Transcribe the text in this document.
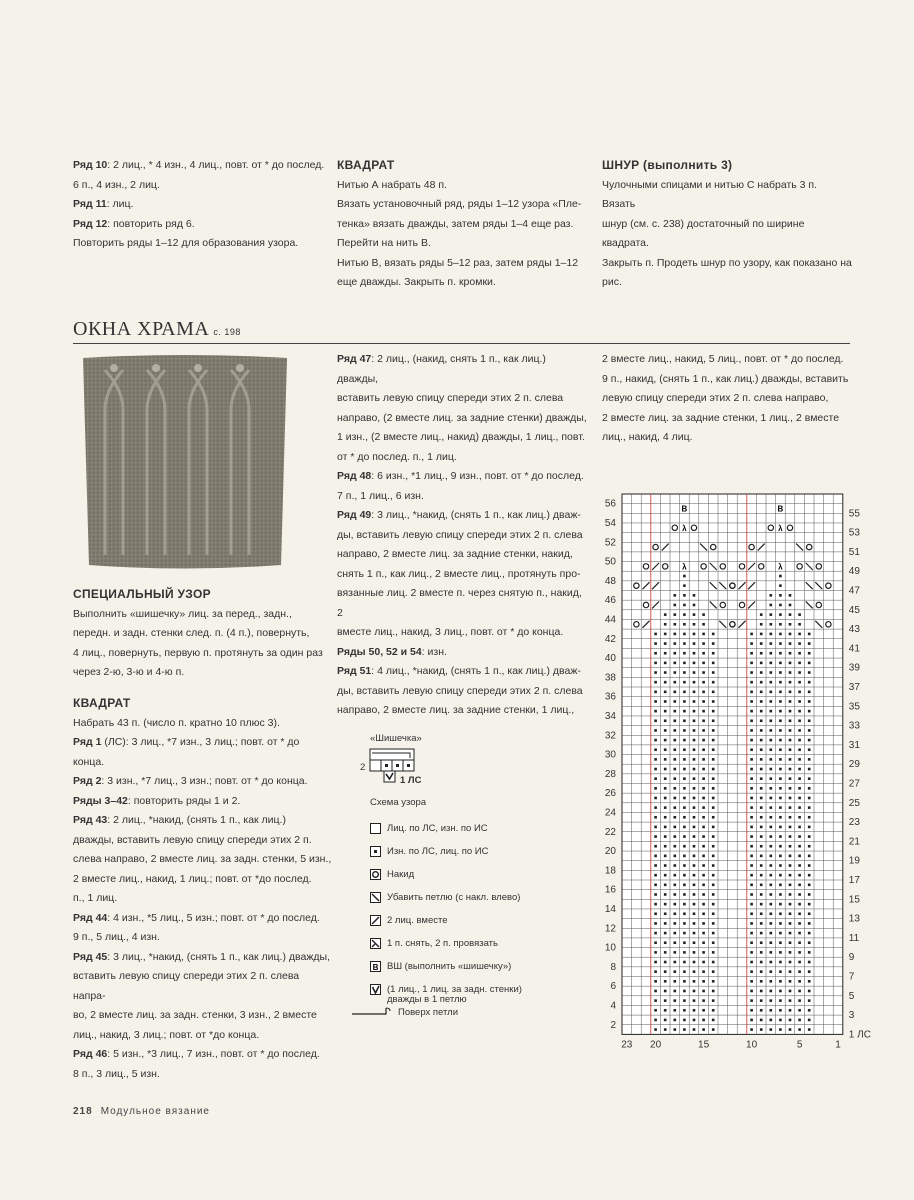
Ряд 10: 2 лиц., * 4 изн., 4 лиц., повт. от * до послед.

6 п., 4 изн., 2 лиц.

Ряд 11: лиц.

Ряд 12: повторить ряд 6.

Повторить ряды 1–12 для образования узора.

КВАДРАТ

Нитью А набрать 48 п.

Вязать установочный ряд, ряды 1–12 узора «Пле-

тенка» вязать дважды, затем ряды 1–4 еще раз.

Перейти на нить В.

Нитью В, вязать ряды 5–12 раз, затем ряды 1–12

еще дважды. Закрыть п. кромки.

ШНУР (выполнить 3)

Чулочными спицами и нитью С набрать 3 п. Вязать

шнур (см. с. 238) достаточный по ширине квадрата.

Закрыть п. Продеть шнур по узору, как показано на

рис.

ОКНА ХРАМА с. 198

СПЕЦИАЛЬНЫЙ УЗОР

Выполнить «шишечку» лиц. за перед., задн.,

передн. и задн. стенки след. п. (4 п.), повернуть,

4 лиц., повернуть, первую п. протянуть за один раз

через 2-ю, 3-ю и 4-ю п.

КВАДРАТ

Набрать 43 п. (число п. кратно 10 плюс 3).

Ряд 1 (ЛС): 3 лиц., *7 изн., 3 лиц.; повт. от * до конца.

Ряд 2: 3 изн., *7 лиц., 3 изн.; повт. от * до конца.

Ряды 3–42: повторить ряды 1 и 2.

Ряд 43: 2 лиц., *накид, (снять 1 п., как лиц.)

дважды, вставить левую спицу спереди этих 2 п.

слева направо, 2 вместе лиц. за задн. стенки, 5 изн.,

2 вместе лиц., накид, 1 лиц.; повт. от *до послед.

п., 1 лиц.

Ряд 44: 4 изн., *5 лиц., 5 изн.; повт. от * до послед.

9 п., 5 лиц., 4 изн.

Ряд 45: 3 лиц., *накид, (снять 1 п., как лиц.) дважды,

вставить левую спицу спереди этих 2 п. слева напра-

во, 2 вместе лиц. за задн. стенки, 3 изн., 2 вместе

лиц., накид, 3 лиц.; повт. от *до конца.

Ряд 46: 5 изн., *3 лиц., 7 изн., повт. от * до послед.

8 п., 3 лиц., 5 изн.

Ряд 47: 2 лиц., (накид, снять 1 п., как лиц.) дважды,

вставить левую спицу спереди этих 2 п. слева

направо, (2 вместе лиц. за задние стенки) дважды,

1 изн., (2 вместе лиц., накид) дважды, 1 лиц., повт.

от * до послед. п., 1 лиц.

Ряд 48: 6 изн., *1 лиц., 9 изн., повт. от * до послед.

7 п., 1 лиц., 6 изн.

Ряд 49: 3 лиц., *накид, (снять 1 п., как лиц.) дваж-

ды, вставить левую спицу спереди этих 2 п. слева

направо, 2 вместе лиц. за задние стенки, накид,

снять 1 п., как лиц., 2 вместе лиц., протянуть про-

вязанные лиц. 2 вместе п. через снятую п., накид, 2

вместе лиц., накид, 3 лиц., повт. от * до конца.

Ряды 50, 52 и 54: изн.

Ряд 51: 4 лиц., *накид, (снять 1 п., как лиц.) дваж-

ды, вставить левую спицу спереди этих 2 п. слева

направо, 2 вместе лиц. за задние стенки, 1 лиц.,

2 вместе лиц., накид, 5 лиц., повт. от * до послед.

9 п., накид, (снять 1 п., как лиц.) дважды, вставить

левую спицу спереди этих 2 п. слева направо,

2 вместе лиц. за задние стенки, 1 лиц., 2 вместе

лиц., накид, 4 лиц.

«Шишечка»
2
1 ЛС
Схема узора
Лиц. по ЛС, изн. по ИС
Изн. по ЛС, лиц. по ИС
Накид
Убавить петлю (с накл. влево)
2 лиц. вместе
1 п. снять, 2 п. провязать
B ВШ (выполнить «шишечку»)
(1 лиц., 1 лиц. за задн. стенки)
Поверх петли
дважды в 1 петлю
B
λ
λ
B
λ
λ
56
54
52
50
48
46
44
42
40
38
36
34
32
30
28
26
24
22
20
18
16
14
12
10
8
6
4
2
55
53
51
49
47
45
43
41
39
37
35
33
31
29
27
25
23
21
19
17
15
13
11
9
7
5
3
1 ЛС
23 20	15	10	5	1
218 Модульное вязание
